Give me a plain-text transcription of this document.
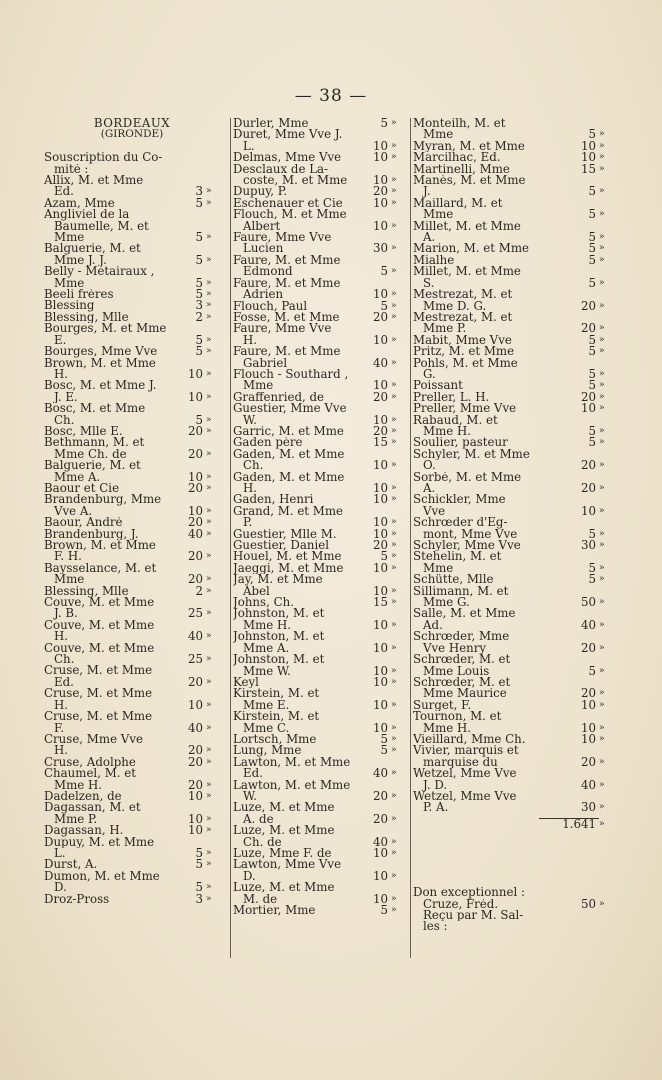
— 38 —
BORDEAUX
(GIRONDE)
Souscription du Co-
mité :
Allix, M. et Mme
Ed.	3 »
Azam, Mme	5 »
Angliviel de la
Baumelle, M. et
Mme	5 »
Balguerie, M. et
Mme J. J.	5 »
Belly - Métairaux ,
Mme	5 »
Beeli frères	5 »
Blessing	3 »
Blessing, Mlle	2 »
Bourges, M. et Mme
E.	5 »
Bourges, Mme Vve	5 »
Brown, M. et Mme
H.	10 »
Bosc, M. et Mme J.
J. E.	10 »
Bosc, M. et Mme
Ch.	5 »
Bosc, Mlle E.	20 »
Bethmann, M. et
Mme Ch. de	20 »
Balguerie, M. et
Mme A.	10 »
Baour et Cie	20 »
Brandenburg, Mme
Vve A.	10 »
Baour, André	20 »
Brandenburg, J.	40 »
Brown, M. et Mme
F. H.	20 »
Baysselance, M. et
Mme	20 »
Blessing, Mlle	2 »
Couve, M. et Mme
J. B.	25 »
Couve, M. et Mme
H.	40 »
Couve, M. et Mme
Ch.	25 »
Cruse, M. et Mme
Ed.	20 »
Cruse, M. et Mme
H.	10 »
Cruse, M. et Mme
F.	40 »
Cruse, Mme Vve
H.	20 »
Cruse, Adolphe	20 »
Chaumel, M. et
Mme H.	20 »
Dadelzen, de	10 »
Dagassan, M. et
Mme P.	10 »
Dagassan, H.	10 »
Dupuy, M. et Mme
L.	5 »
Durst, A.	5 »
Dumon, M. et Mme
D.	5 »
Droz-Pross	3 »
Durler, Mme	5 »
Duret, Mme Vve J.
L.	10 »
Delmas, Mme Vve	10 »
Desclaux de La-
coste, M. et Mme	10 »
Dupuy, P.	20 »
Eschenauer et Cie	10 »
Flouch, M. et Mme
Albert	10 »
Faure, Mme Vve
Lucien	30 »
Faure, M. et Mme
Edmond	5 »
Faure, M. et Mme
Adrien	10 »
Flouch, Paul	5 »
Fosse, M. et Mme	20 »
Faure, Mme Vve
H.	10 »
Faure, M. et Mme
Gabriel	40 »
Flouch - Southard ,
Mme	10 »
Graffenried, de	20 »
Guestier, Mme Vve
W.	10 »
Garric, M. et Mme	20 »
Gaden père	15 »
Gaden, M. et Mme
Ch.	10 »
Gaden, M. et Mme
H.	10 »
Gaden, Henri	10 »
Grand, M. et Mme
P.	10 »
Guestier, Mlle M.	10 »
Guestier, Daniel	20 »
Houel, M. et Mme	5 »
Jaeggi, M. et Mme	10 »
Jay, M. et Mme
Abel	10 »
Johns, Ch.	15 »
Johnston, M. et
Mme H.	10 »
Johnston, M. et
Mme A.	10 »
Johnston, M. et
Mme W.	10 »
Keyl	10 »
Kirstein, M. et
Mme E.	10 »
Kirstein, M. et
Mme C.	10 »
Lortsch, Mme	5 »
Lung, Mme	5 »
Lawton, M. et Mme
Ed.	40 »
Lawton, M. et Mme
W.	20 »
Luze, M. et Mme
A. de	20 »
Luze, M. et Mme
Ch. de	40 »
Luze, Mme F. de	10 »
Lawton, Mme Vve
D.	10 »
Luze, M. et Mme
M. de	10 »
Mortier, Mme	5 »
Monteilh, M. et
Mme	5 »
Myran, M. et Mme	10 »
Marcilhac, Ed.	10 »
Martinelli, Mme	15 »
Manès, M. et Mme
J.	5 »
Maillard, M. et
Mme	5 »
Millet, M. et Mme
A.	5 »
Marion, M. et Mme	5 »
Mialhe	5 »
Millet, M. et Mme
S.	5 »
Mestrezat, M. et
Mme D. G.	20 »
Mestrezat, M. et
Mme P.	20 »
Mabit, Mme Vve	5 »
Pritz, M. et Mme	5 »
Pohls, M. et Mme
G.	5 »
Poissant	5 »
Preller, L. H.	20 »
Preller, Mme Vve	10 »
Rabaud, M. et
Mme H.	5 »
Soulier, pasteur	5 »
Schyler, M. et Mme
O.	20 »
Sorbé, M. et Mme
A.	20 »
Schickler, Mme
Vve	10 »
Schrœder d'Eg-
mont, Mme Vve	5 »
Schyler, Mme Vve	30 »
Stehelin, M. et
Mme	5 »
Schütte, Mlle	5 »
Sillimann, M. et
Mme G.	50 »
Salle, M. et Mme
Ad.	40 »
Schrœder, Mme
Vve Henry	20 »
Schrœder, M. et
Mme Louis	5 »
Schrœder, M. et
Mme Maurice	20 »
Surget, F.	10 »
Tournon, M. et
Mme H.	10 »
Vieillard, Mme Ch.	10 »
Vivier, marquis et
marquise du	20 »
Wetzel, Mme Vve
J. D.	40 »
Wetzel, Mme Vve
P. A.	30 »
1.641 »
Don exceptionnel :
Cruze, Fréd.	50 »
Reçu par M. Sal-
les :
